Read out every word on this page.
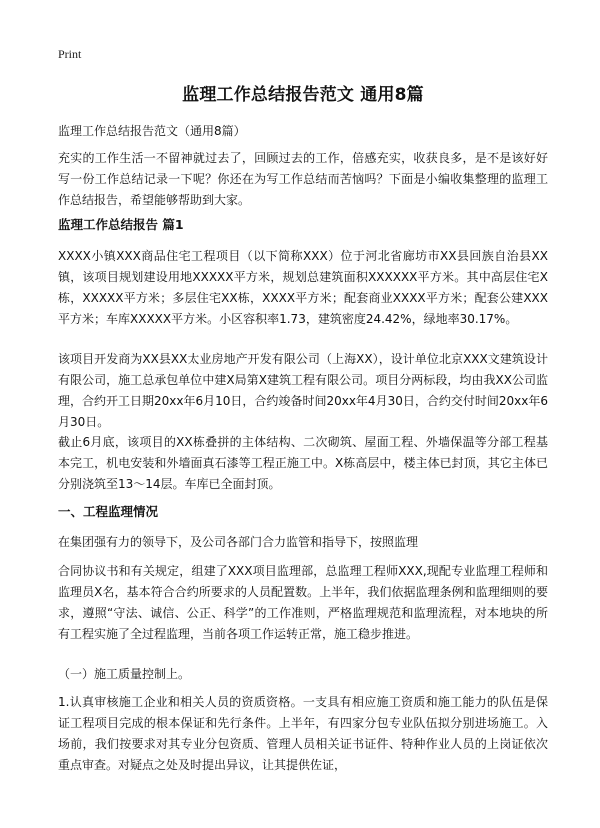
Print
监理工作总结报告范文 通用8篇

监理工作总结报告范文（通用8篇）

充实的工作生活一不留神就过去了，回顾过去的工作，倍感充实，收获良多，是不是该好好写一份工作总结记录一下呢？你还在为写工作总结而苦恼吗？下面是小编收集整理的监理工作总结报告，希望能够帮助到大家。

监理工作总结报告 篇1

XXXX小镇XXX商品住宅工程项目（以下简称XXX）位于河北省廊坊市XX县回族自治县XX镇，该项目规划建设用地XXXXX平方米，规划总建筑面积XXXXXX平方米。其中高层住宅X栋，XXXXX平方米；多层住宅XX栋，XXXX平方米；配套商业XXXX平方米；配套公建XXX平方米；车库XXXXX平方米。小区容积率1.73，建筑密度24.42%，绿地率30.17%。

该项目开发商为XX县XX太业房地产开发有限公司（上海XX），设计单位北京XXX文建筑设计有限公司，施工总承包单位中建X局第X建筑工程有限公司。项目分两标段，均由我XX公司监理，合约开工日期20xx年6月10日，合约竣备时间20xx年4月30日，合约交付时间20xx年6月30日。

截止6月底，该项目的XX栋叠拼的主体结构、二次砌筑、屋面工程、外墙保温等分部工程基本完工，机电安装和外墙面真石漆等工程正施工中。X栋高层中，楼主体已封顶，其它主体已分别浇筑至13～14层。车库已全面封顶。

一、工程监理情况

在集团强有力的领导下，及公司各部门合力监管和指导下，按照监理

合同协议书和有关规定，组建了XXX项目监理部，总监理工程师XXX,现配专业监理工程师和监理员X名，基本符合合约所要求的人员配置数。上半年，我们依据监理条例和监理细则的要求，遵照“守法、诚信、公正、科学”的工作准则，严格监理规范和监理流程，对本地块的所有工程实施了全过程监理，当前各项工作运转正常，施工稳步推进。

（一）施工质量控制上。

1.认真审核施工企业和相关人员的资质资格。一支具有相应施工资质和施工能力的队伍是保证工程项目完成的根本保证和先行条件。上半年，有四家分包专业队伍拟分别进场施工。入场前，我们按要求对其专业分包资质、管理人员相关证书证件、特种作业人员的上岗证依次重点审查。对疑点之处及时提出异议，让其提供佐证，
